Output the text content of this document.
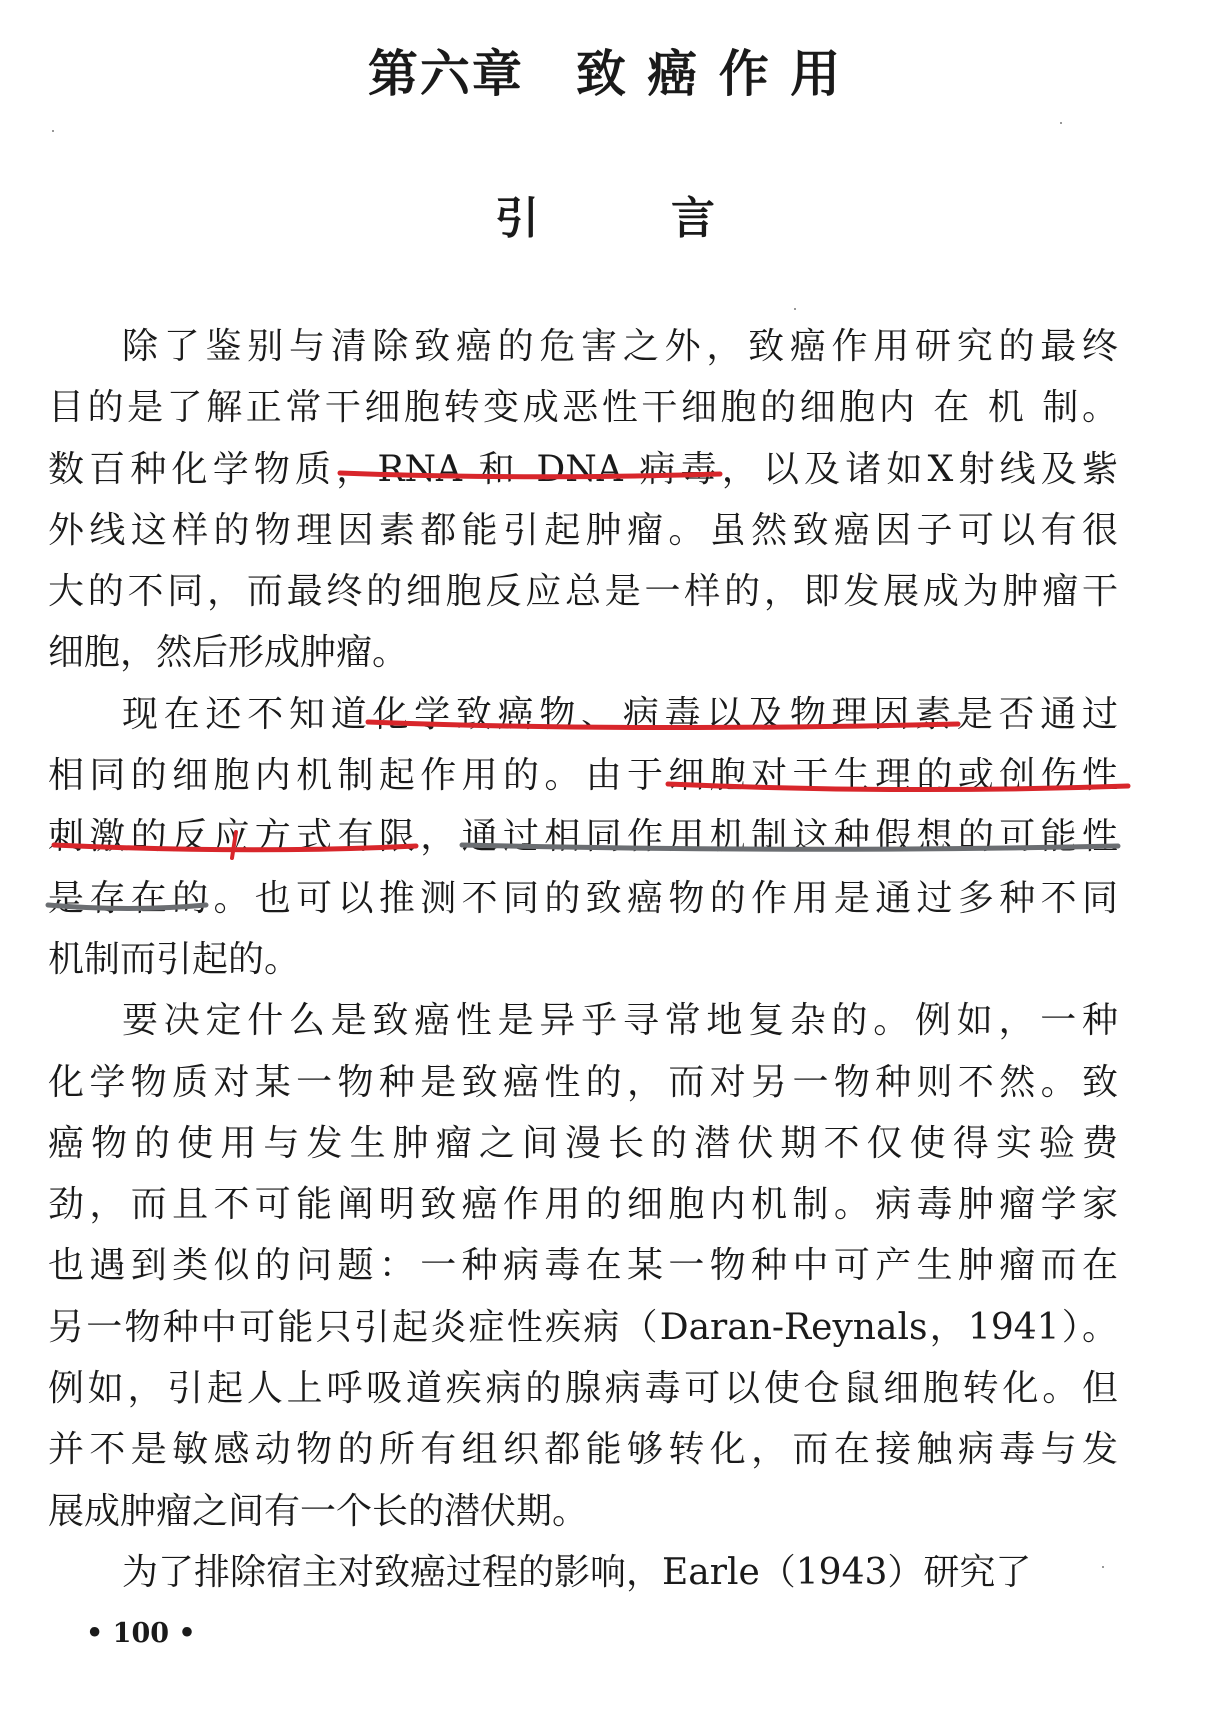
第六章　致 癌 作 用
引　　　言
除了鉴别与清除致癌的危害之外，致癌作用研究的最终
目的是了解正常干细胞转变成恶性干细胞的细胞内 在 机 制。
数百种化学物质，RNA 和 DNA 病毒，以及诸如X射线及紫
外线这样的物理因素都能引起肿瘤。虽然致癌因子可以有很
大的不同，而最终的细胞反应总是一样的，即发展成为肿瘤干
细胞，然后形成肿瘤。
现在还不知道化学致癌物、病毒以及物理因素是否通过
相同的细胞内机制起作用的。由于细胞对于生理的或创伤性
刺激的反应方式有限，通过相同作用机制这种假想的可能性
是存在的。也可以推测不同的致癌物的作用是通过多种不同
机制而引起的。
要决定什么是致癌性是异乎寻常地复杂的。例如，一种
化学物质对某一物种是致癌性的，而对另一物种则不然。致
癌物的使用与发生肿瘤之间漫长的潜伏期不仅使得实验费
劲，而且不可能阐明致癌作用的细胞内机制。病毒肿瘤学家
也遇到类似的问题：一种病毒在某一物种中可产生肿瘤而在
另一物种中可能只引起炎症性疾病（Daran-Reynals，1941）。
例如，引起人上呼吸道疾病的腺病毒可以使仓鼠细胞转化。但
并不是敏感动物的所有组织都能够转化，而在接触病毒与发
展成肿瘤之间有一个长的潜伏期。
为了排除宿主对致癌过程的影响，Earle（1943）研究了
• 100 •
